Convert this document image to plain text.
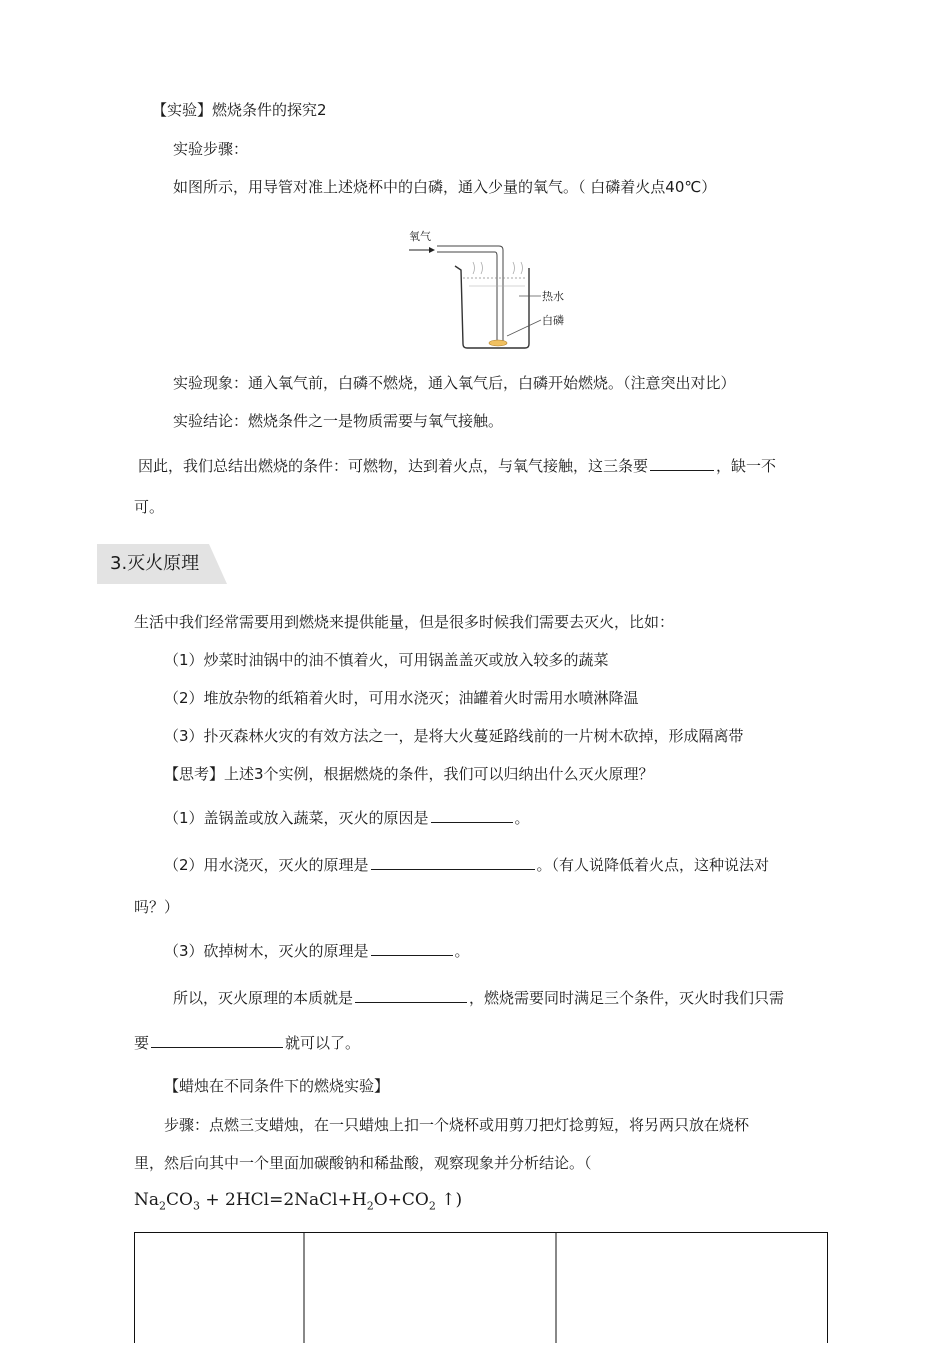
【实验】燃烧条件的探究2
实验步骤：
如图所示，用导管对准上述烧杯中的白磷，通入少量的氧气。（ 白磷着火点40℃）
氧气
热水
白磷
实验现象：通入氧气前，白磷不燃烧，通入氧气后，白磷开始燃烧。（注意突出对比）
实验结论：燃烧条件之一是物质需要与氧气接触。
因此，我们总结出燃烧的条件：可燃物，达到着火点，与氧气接触，这三条要	，缺一不
可。
3.灭火原理
生活中我们经常需要用到燃烧来提供能量，但是很多时候我们需要去灭火，比如：
（1）炒菜时油锅中的油不慎着火，可用锅盖盖灭或放入较多的蔬菜
（2）堆放杂物的纸箱着火时，可用水浇灭；油罐着火时需用水喷淋降温
（3）扑灭森林火灾的有效方法之一，是将大火蔓延路线前的一片树木砍掉，形成隔离带
【思考】上述3个实例，根据燃烧的条件，我们可以归纳出什么灭火原理？
（1）盖锅盖或放入蔬菜，灭火的原因是	。
（2）用水浇灭，灭火的原理是	。（有人说降低着火点，这种说法对
吗？）
（3）砍掉树木，灭火的原理是	。
所以，灭火原理的本质就是	，燃烧需要同时满足三个条件，灭火时我们只需
要	就可以了。
【蜡烛在不同条件下的燃烧实验】
步骤：点燃三支蜡烛，在一只蜡烛上扣一个烧杯或用剪刀把灯捻剪短，将另两只放在烧杯
里，然后向其中一个里面加碳酸钠和稀盐酸，观察现象并分析结论。（
$Na_2CO_3$ + $2HCl=2NaCl+H_2O+CO_2$ ↑)
